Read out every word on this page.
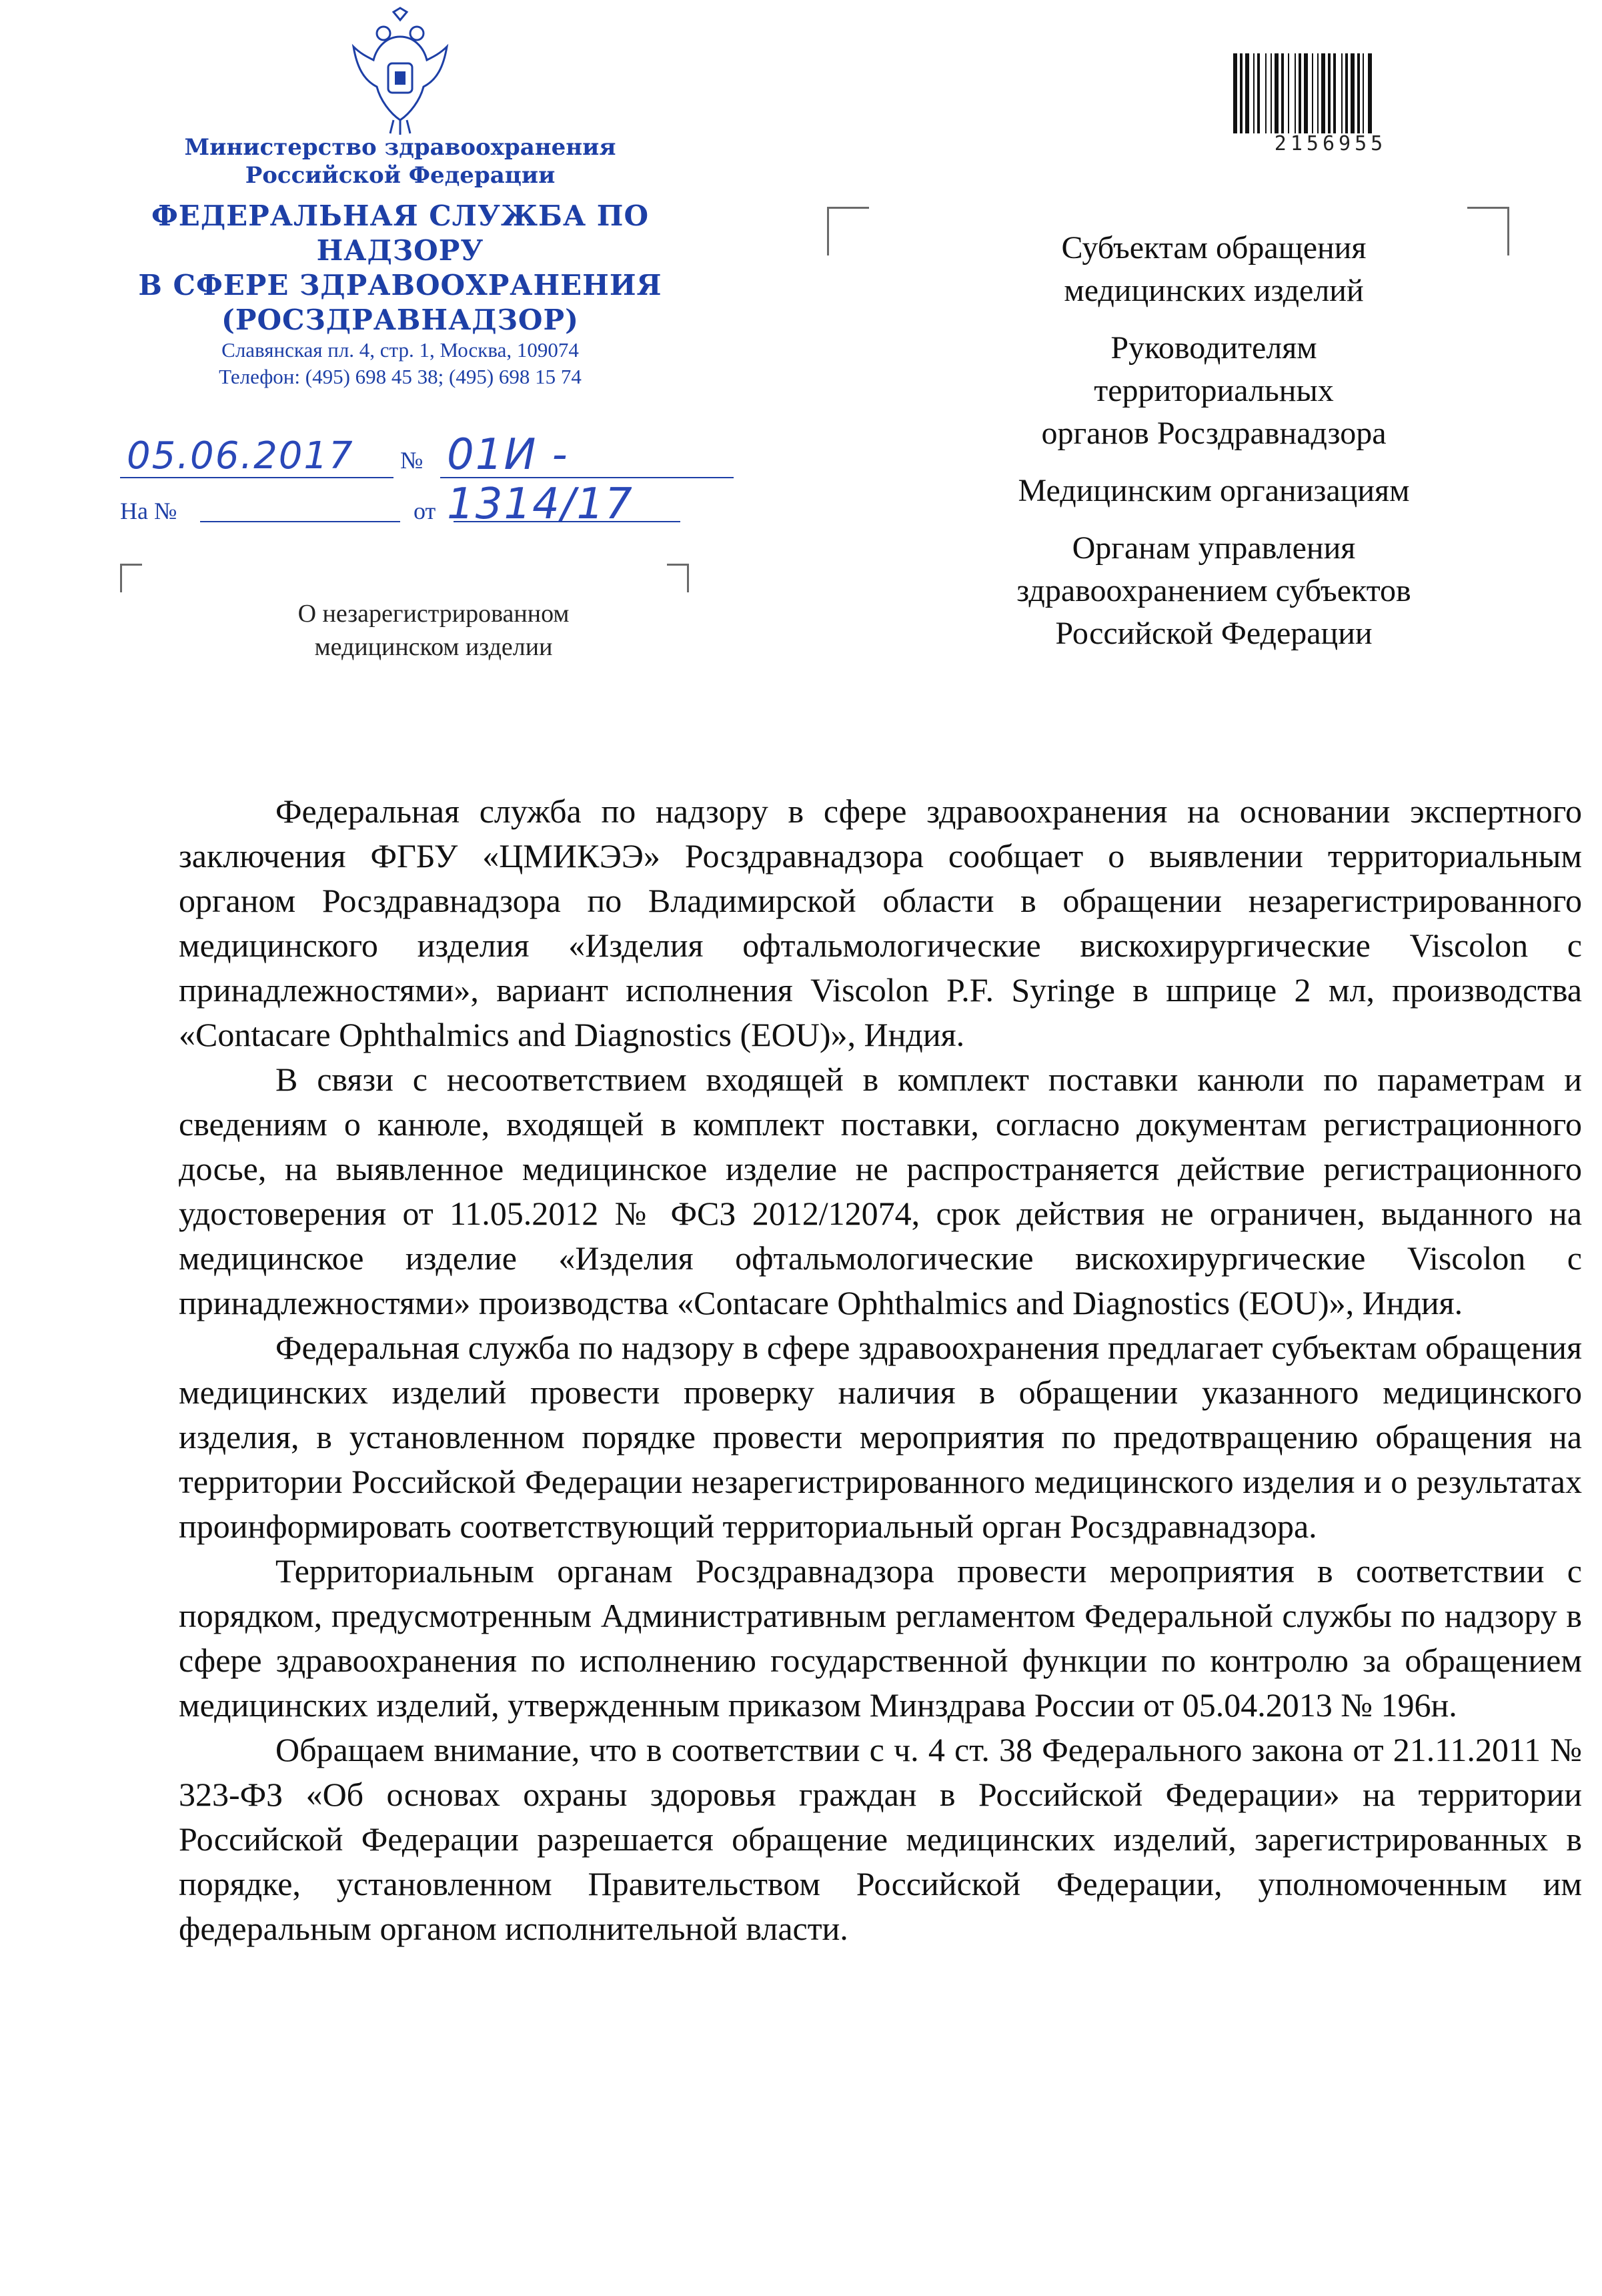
Министерство здравоохранения
Российской Федерации
ФЕДЕРАЛЬНАЯ СЛУЖБА ПО НАДЗОРУ
В СФЕРЕ ЗДРАВООХРАНЕНИЯ
(РОСЗДРАВНАДЗОР)
Славянская пл. 4, стр. 1, Москва, 109074
Телефон: (495) 698 45 38; (495) 698 15 74
05.06.2017 № 01И - 1314/17
На №	от
О незарегистрированном
медицинском изделии
2156955
Субъектам обращения
медицинских изделий
Руководителям
территориальных
органов Росздравнадзора
Медицинским организациям
Органам управления
здравоохранением субъектов
Российской Федерации

Федеральная служба по надзору в сфере здравоохранения на основании экспертного заключения ФГБУ «ЦМИКЭЭ» Росздравнадзора сообщает о выявлении территориальным органом Росздравнадзора по Владимирской области в обращении незарегистрированного медицинского изделия «Изделия офтальмологические вискохирургические Viscolon с принадлежностями», вариант исполнения Viscolon P.F. Syringe в шприце 2 мл, производства «Contacare Ophthalmics and Diagnostics (EOU)», Индия.

В связи с несоответствием входящей в комплект поставки канюли по параметрам и сведениям о канюле, входящей в комплект поставки, согласно документам регистрационного досье, на выявленное медицинское изделие не распространяется действие регистрационного удостоверения от 11.05.2012 № ФСЗ 2012/12074, срок действия не ограничен, выданного на медицинское изделие «Изделия офтальмологические вискохирургические Viscolon с принадлежностями» производства «Contacare Ophthalmics and Diagnostics (EOU)», Индия.

Федеральная служба по надзору в сфере здравоохранения предлагает субъектам обращения медицинских изделий провести проверку наличия в обращении указанного медицинского изделия, в установленном порядке провести мероприятия по предотвращению обращения на территории Российской Федерации незарегистрированного медицинского изделия и о результатах проинформировать соответствующий территориальный орган Росздравнадзора.

Территориальным органам Росздравнадзора провести мероприятия в соответствии с порядком, предусмотренным Административным регламентом Федеральной службы по надзору в сфере здравоохранения по исполнению государственной функции по контролю за обращением медицинских изделий, утвержденным приказом Минздрава России от 05.04.2013 № 196н.

Обращаем внимание, что в соответствии с ч. 4 ст. 38 Федерального закона от 21.11.2011 № 323-ФЗ «Об основах охраны здоровья граждан в Российской Федерации» на территории Российской Федерации разрешается обращение медицинских изделий, зарегистрированных в порядке, установленном Правительством Российской Федерации, уполномоченным им федеральным органом исполнительной власти.
